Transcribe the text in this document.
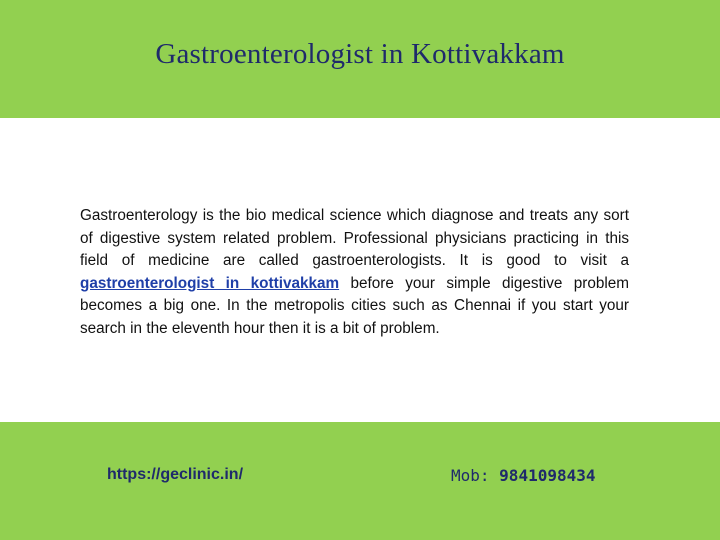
Gastroenterologist in Kottivakkam
Gastroenterology is the bio medical science which diagnose and treats any sort of digestive system related problem. Professional physicians practicing in this field of medicine are called gastroenterologists. It is good to visit a gastroenterologist in kottivakkam before your simple digestive problem becomes a big one. In the metropolis cities such as Chennai if you start your search in the eleventh hour then it is a bit of problem.
https://geclinic.in/	Mob: 9841098434
